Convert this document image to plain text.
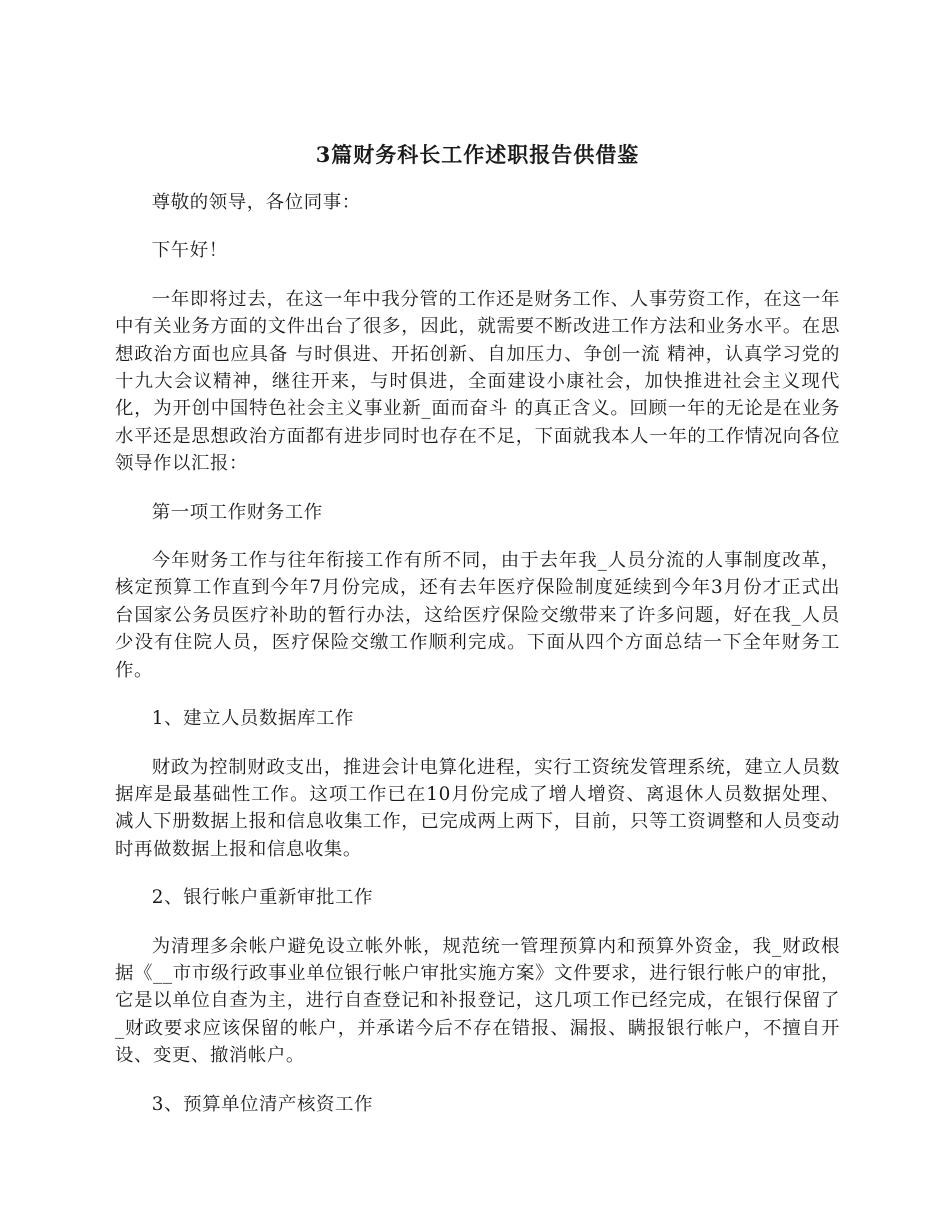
3篇财务科长工作述职报告供借鉴

尊敬的领导，各位同事：

下午好！

一年即将过去，在这一年中我分管的工作还是财务工作、人事劳资工作，在这一年中有关业务方面的文件出台了很多，因此，就需要不断改进工作方法和业务水平。在思想政治方面也应具备 与时俱进、开拓创新、自加压力、争创一流 精神，认真学习党的十九大会议精神，继往开来，与时俱进，全面建设小康社会，加快推进社会主义现代化，为开创中国特色社会主义事业新_面而奋斗 的真正含义。回顾一年的无论是在业务水平还是思想政治方面都有进步同时也存在不足，下面就我本人一年的工作情况向各位领导作以汇报：

第一项工作财务工作

今年财务工作与往年衔接工作有所不同，由于去年我_人员分流的人事制度改革，核定预算工作直到今年7月份完成，还有去年医疗保险制度延续到今年3月份才正式出台国家公务员医疗补助的暂行办法，这给医疗保险交缴带来了许多问题，好在我_人员少没有住院人员，医疗保险交缴工作顺利完成。下面从四个方面总结一下全年财务工作。

1、建立人员数据库工作

财政为控制财政支出，推进会计电算化进程，实行工资统发管理系统，建立人员数据库是最基础性工作。这项工作已在10月份完成了增人增资、离退休人员数据处理、减人下册数据上报和信息收集工作，已完成两上两下，目前，只等工资调整和人员变动时再做数据上报和信息收集。

2、银行帐户重新审批工作

为清理多余帐户避免设立帐外帐，规范统一管理预算内和预算外资金，我_财政根据《__市市级行政事业单位银行帐户审批实施方案》文件要求，进行银行帐户的审批，它是以单位自查为主，进行自查登记和补报登记，这几项工作已经完成，在银行保留了_财政要求应该保留的帐户，并承诺今后不存在错报、漏报、瞒报银行帐户，不擅自开设、变更、撤消帐户。

3、预算单位清产核资工作
